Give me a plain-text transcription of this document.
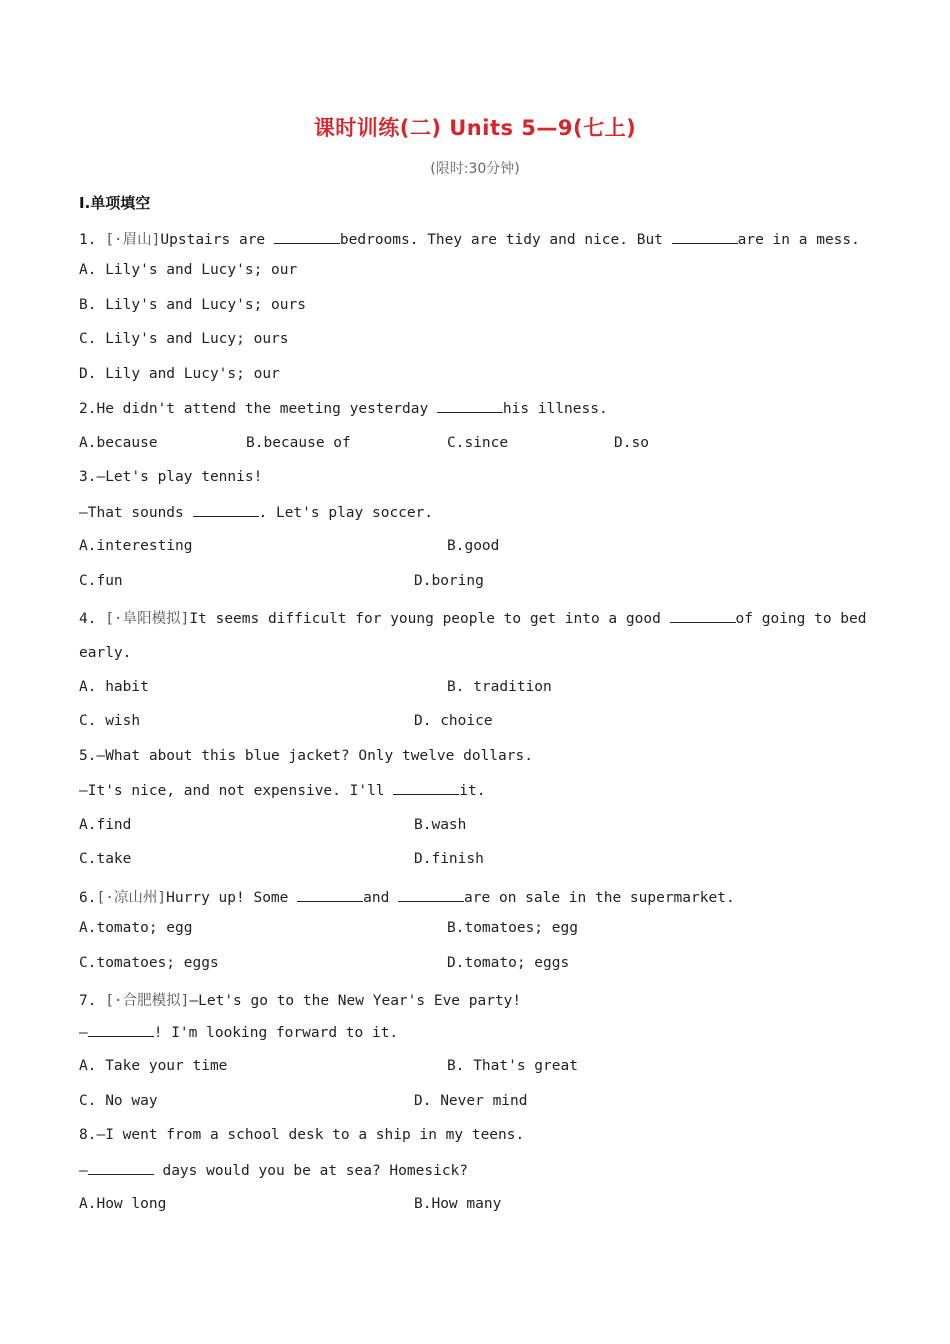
课时训练(二) Units 5—9(七上)
(限时:30分钟)
Ⅰ.单项填空
1. [·眉山]Upstairs are	bedrooms. They are tidy and nice. But	are in a mess.
A. Lily's and Lucy's; our
B. Lily's and Lucy's; ours
C. Lily's and Lucy; ours
D. Lily and Lucy's; our
2.He didn't attend the meeting yesterday	his illness.
A.because	B.because of	C.since	D.so
3.—Let's play tennis!
—That sounds	. Let's play soccer.
A.interesting	B.good
C.fun	D.boring
4. [·阜阳模拟]It seems difficult for young people to get into a good	of going to bed
early.
A. habit	B. tradition
C. wish	D. choice
5.—What about this blue jacket? Only twelve dollars.
—It's nice, and not expensive. I'll	it.
A.find	B.wash
C.take	D.finish
6.[·凉山州]Hurry up! Some	and	are on sale in the supermarket.
A.tomato; egg	B.tomatoes; egg
C.tomatoes; eggs	D.tomato; eggs
7. [·合肥模拟]—Let's go to the New Year's Eve party!
—	! I'm looking forward to it.
A. Take your time	B. That's great
C. No way	D. Never mind
8.—I went from a school desk to a ship in my teens.
—	days would you be at sea? Homesick?
A.How long	B.How many
